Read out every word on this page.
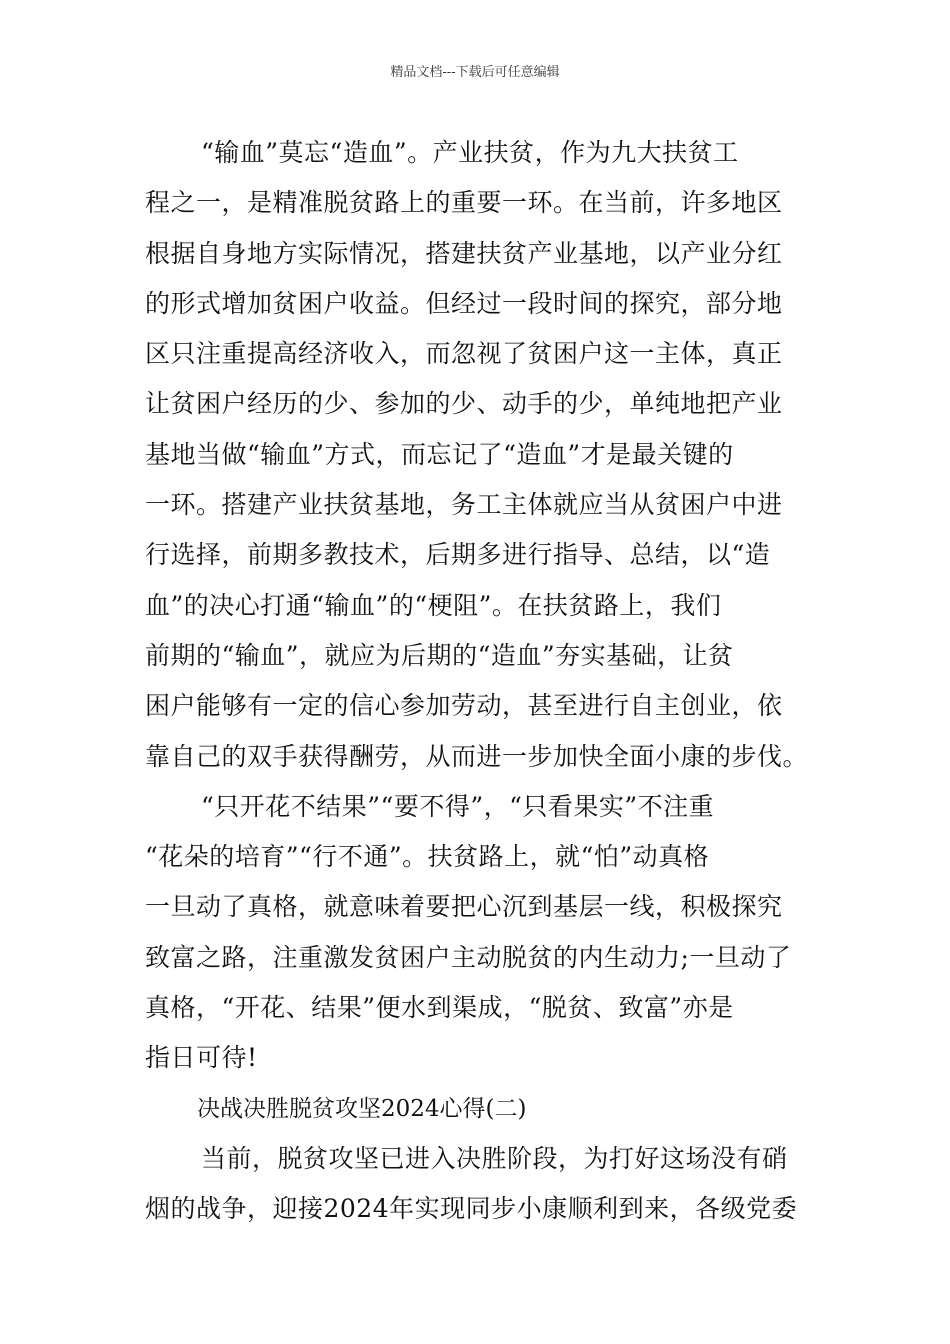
精品文档---下载后可任意编辑
“输血”莫忘“造血”。产业扶贫，作为九大扶贫工
程之一，是精准脱贫路上的重要一环。在当前，许多地区
根据自身地方实际情况，搭建扶贫产业基地，以产业分红
的形式增加贫困户收益。但经过一段时间的探究，部分地
区只注重提高经济收入，而忽视了贫困户这一主体，真正
让贫困户经历的少、参加的少、动手的少，单纯地把产业
基地当做“输血”方式，而忘记了“造血”才是最关键的
一环。搭建产业扶贫基地，务工主体就应当从贫困户中进
行选择，前期多教技术，后期多进行指导、总结，以“造
血”的决心打通“输血”的“梗阻”。在扶贫路上，我们
前期的“输血”，就应为后期的“造血”夯实基础，让贫
困户能够有一定的信心参加劳动，甚至进行自主创业，依
靠自己的双手获得酬劳，从而进一步加快全面小康的步伐。
“只开花不结果”“要不得”，“只看果实”不注重
“花朵的培育”“行不通”。扶贫路上，就“怕”动真格
一旦动了真格，就意味着要把心沉到基层一线，积极探究
致富之路，注重激发贫困户主动脱贫的内生动力;一旦动了
真格，“开花、结果”便水到渠成，“脱贫、致富”亦是
指日可待!
决战决胜脱贫攻坚2024心得(二)
当前，脱贫攻坚已进入决胜阶段，为打好这场没有硝
烟的战争，迎接2024年实现同步小康顺利到来，各级党委
